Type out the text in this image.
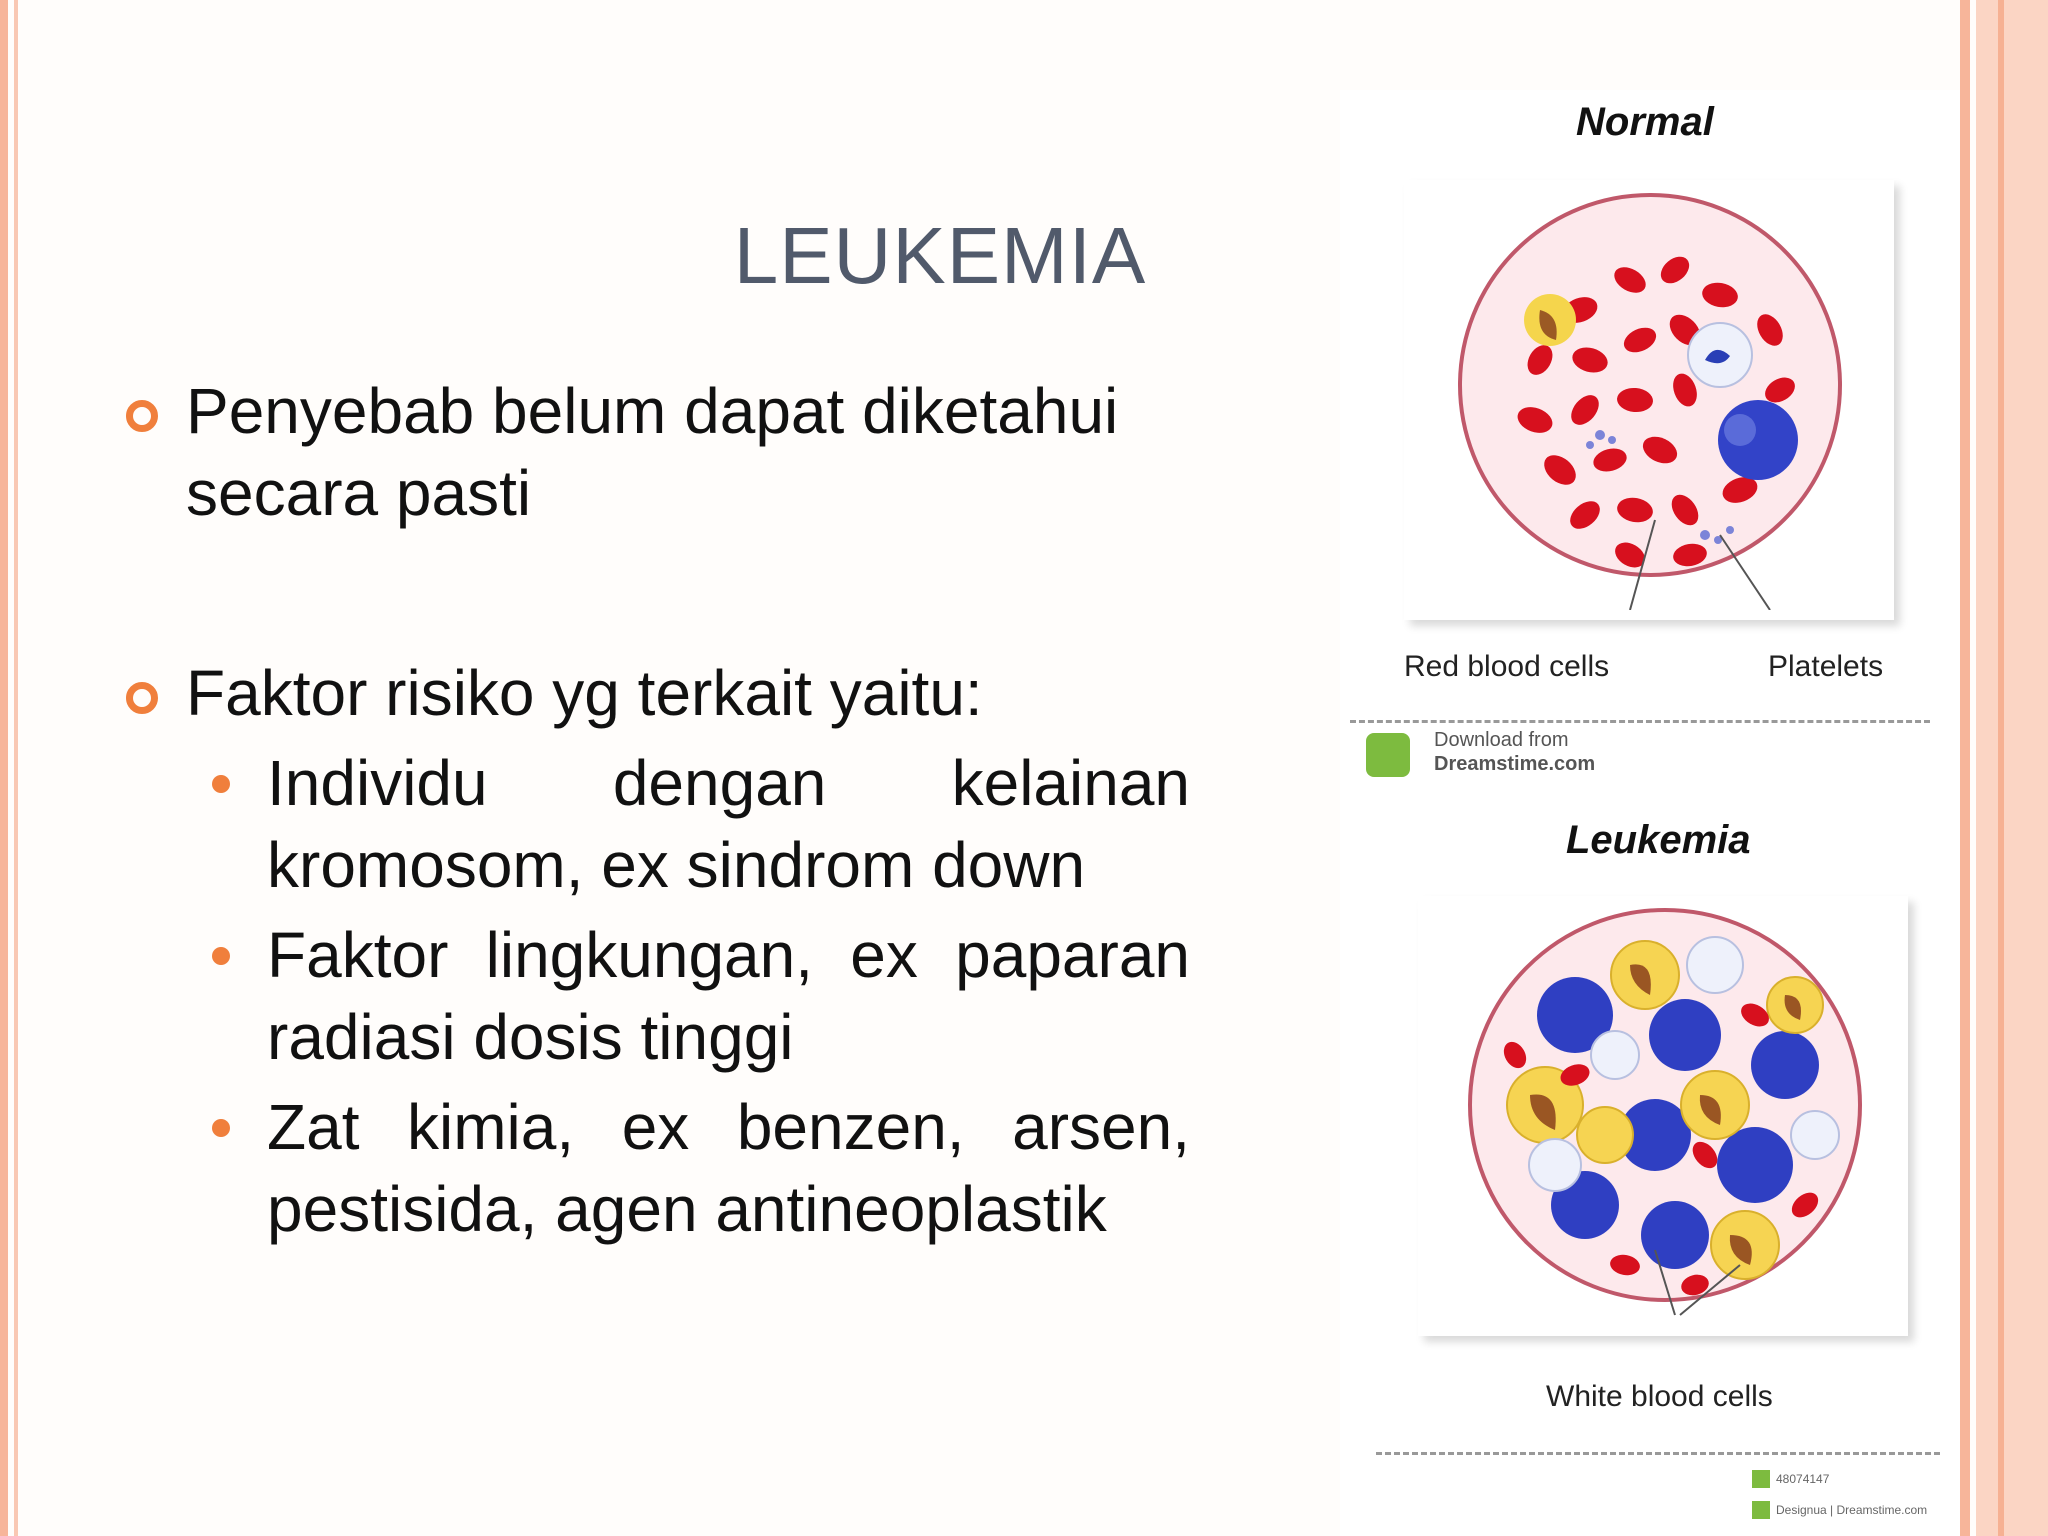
LEUKEMIA
Penyebab belum dapat diketahui secara pasti
Faktor risiko yg terkait yaitu:
Individu dengan kelainan kromosom, ex sindrom down
Faktor lingkungan, ex paparan radiasi dosis tinggi
Zat kimia, ex benzen, arsen, pestisida, agen antineoplastik
Normal
Red blood cells	Platelets
Download from
Dreamstime.com
Leukemia
White blood cells
48074147
Designua | Dreamstime.com
